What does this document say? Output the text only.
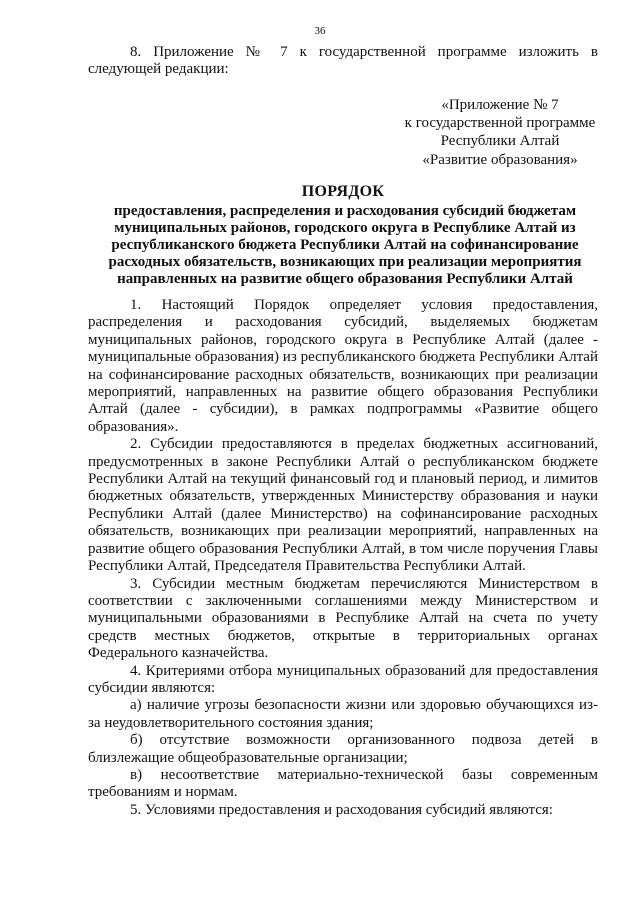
36

8. Приложение № 7 к государственной программе изложить в следующей редакции:

«Приложение № 7
к государственной программе
Республики Алтай
«Развитие образования»
ПОРЯДОК
предоставления, распределения и расходования субсидий бюджетам муниципальных районов, городского округа в Республике Алтай из республиканского бюджета Республики Алтай на софинансирование расходных обязательств, возникающих при реализации мероприятия направленных на развитие общего образования Республики Алтай

1. Настоящий Порядок определяет условия предоставления, распределения и расходования субсидий, выделяемых бюджетам муниципальных районов, городского округа в Республике Алтай (далее - муниципальные образования) из республиканского бюджета Республики Алтай на софинансирование расходных обязательств, возникающих при реализации мероприятий, направленных на развитие общего образования Республики Алтай (далее - субсидии), в рамках подпрограммы «Развитие общего образования».

2. Субсидии предоставляются в пределах бюджетных ассигнований, предусмотренных в законе Республики Алтай о республиканском бюджете Республики Алтай на текущий финансовый год и плановый период, и лимитов бюджетных обязательств, утвержденных Министерству образования и науки Республики Алтай (далее Министерство) на софинансирование расходных обязательств, возникающих при реализации мероприятий, направленных на развитие общего образования Республики Алтай, в том числе поручения Главы Республики Алтай, Председателя Правительства Республики Алтай.

3. Субсидии местным бюджетам перечисляются Министерством в соответствии с заключенными соглашениями между Министерством и муниципальными образованиями в Республике Алтай на счета по учету средств местных бюджетов, открытые в территориальных органах Федерального казначейства.

4. Критериями отбора муниципальных образований для предоставления субсидии являются:

а) наличие угрозы безопасности жизни или здоровью обучающихся из-за неудовлетворительного состояния здания;

б) отсутствие возможности организованного подвоза детей в близлежащие общеобразовательные организации;

в) несоответствие материально-технической базы современным требованиям и нормам.

5. Условиями предоставления и расходования субсидий являются:
